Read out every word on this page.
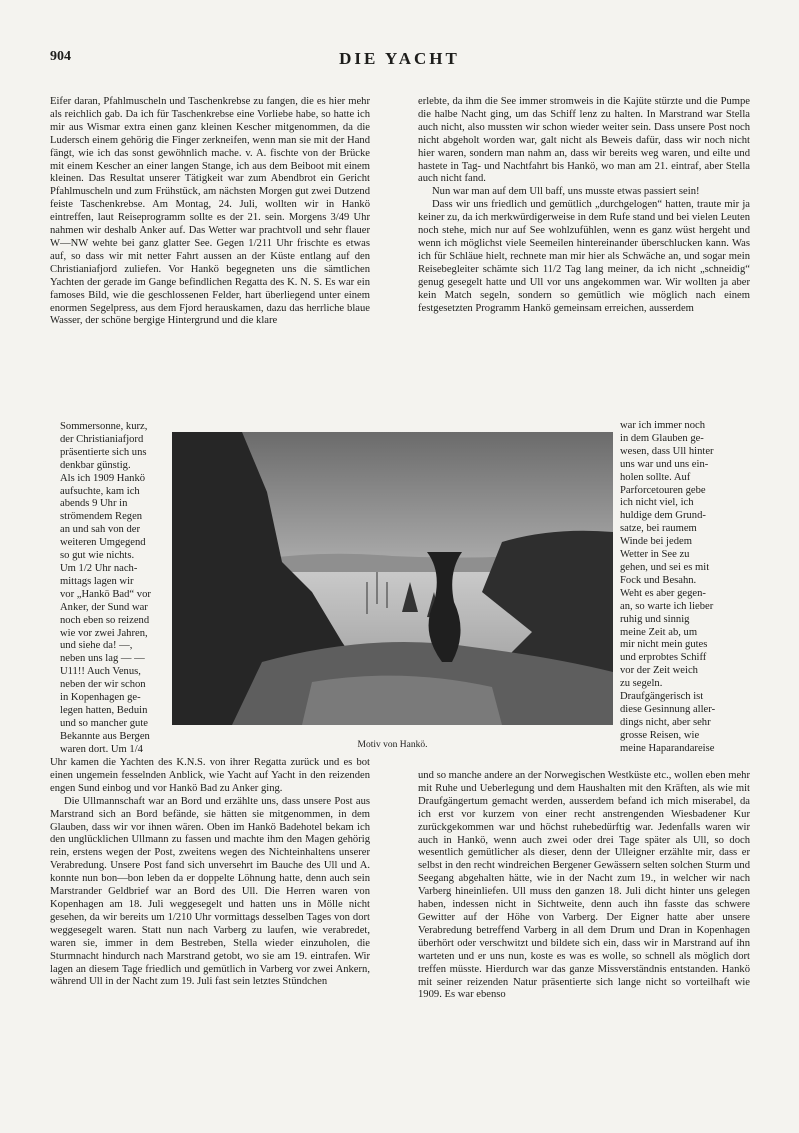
904	DIE YACHT

Eifer daran, Pfahlmuscheln und Taschenkrebse zu fangen, die es hier mehr als reichlich gab. Da ich für Taschenkrebse eine Vorliebe habe, so hatte ich mir aus Wismar extra einen ganz kleinen Kescher mitgenommen, da die Ludersch einem gehörig die Finger zerkneifen, wenn man sie mit der Hand fängt, wie ich das sonst gewöhnlich mache. v. A. fischte von der Brücke mit einem Kescher an einer langen Stange, ich aus dem Beiboot mit einem kleinen. Das Resultat unserer Tätigkeit war zum Abendbrot ein Gericht Pfahlmuscheln und zum Frühstück, am nächsten Morgen gut zwei Dutzend feiste Taschenkrebse. Am Montag, 24. Juli, wollten wir in Hankö eintreffen, laut Reiseprogramm sollte es der 21. sein. Morgens 3/49 Uhr nahmen wir deshalb Anker auf. Das Wetter war prachtvoll und sehr flauer W—NW wehte bei ganz glatter See. Gegen 1/211 Uhr frischte es etwas auf, so dass wir mit netter Fahrt aussen an der Küste entlang auf den Christianiafjord zuliefen. Vor Hankö begegneten uns die sämtlichen Yachten der gerade im Gange befindlichen Regatta des K. N. S. Es war ein famoses Bild, wie die geschlossenen Felder, hart überliegend unter einem enormen Segelpress, aus dem Fjord herauskamen, dazu das herrliche blaue Wasser, der schöne bergige Hintergrund und die klare

Sommersonne, kurz,
der Christianiafjord
präsentierte sich uns
denkbar günstig.
Als ich 1909 Hankö
aufsuchte, kam ich
abends 9 Uhr in
strömendem Regen
an und sah von der
weiteren Umgegend
so gut wie nichts.
Um 1/2 Uhr nach-
mittags lagen wir
vor „Hankö Bad“ vor
Anker, der Sund war
noch eben so reizend
wie vor zwei Jahren,
und siehe da! —,
neben uns lag — —
U11!! Auch Venus,
neben der wir schon
in Kopenhagen ge-
legen hatten, Beduin
und so mancher gute
Bekannte aus Bergen
waren dort. Um 1/4

Uhr kamen die Yachten des K.N.S. von ihrer Regatta zurück und es bot einen ungemein fesselnden Anblick, wie Yacht auf Yacht in den reizenden engen Sund einbog und vor Hankö Bad zu Anker ging.

Die Ullmannschaft war an Bord und erzählte uns, dass unsere Post aus Marstrand sich an Bord befände, sie hätten sie mitgenommen, in dem Glauben, dass wir vor ihnen wären. Oben im Hankö Badehotel bekam ich den unglücklichen Ullmann zu fassen und machte ihm den Magen gehörig rein, erstens wegen der Post, zweitens wegen des Nichteinhaltens unserer Verabredung. Unsere Post fand sich unversehrt im Bauche des Ull und A. konnte nun bon—bon leben da er doppelte Löhnung hatte, denn auch sein Marstrander Geldbrief war an Bord des Ull. Die Herren waren von Kopenhagen am 18. Juli weggesegelt und hatten uns in Mölle nicht gesehen, da wir bereits um 1/210 Uhr vormittags desselben Tages von dort weggesegelt waren. Statt nun nach Varberg zu laufen, wie verabredet, waren sie, immer in dem Bestreben, Stella wieder einzuholen, die Sturmnacht hindurch nach Marstrand getobt, wo sie am 19. eintrafen. Wir lagen an diesem Tage friedlich und gemütlich in Varberg vor zwei Ankern, während Ull in der Nacht zum 19. Juli fast sein letztes Stündchen

erlebte, da ihm die See immer stromweis in die Kajüte stürzte und die Pumpe die halbe Nacht ging, um das Schiff lenz zu halten. In Marstrand war Stella auch nicht, also mussten wir schon wieder weiter sein. Dass unsere Post noch nicht abgeholt worden war, galt nicht als Beweis dafür, dass wir noch nicht hier waren, sondern man nahm an, dass wir bereits weg waren, und eilte und hastete in Tag- und Nachtfahrt bis Hankö, wo man am 21. eintraf, aber Stella auch nicht fand.

Nun war man auf dem Ull baff, uns musste etwas passiert sein!

Dass wir uns friedlich und gemütlich „durchgelogen“ hatten, traute mir ja keiner zu, da ich merkwürdigerweise in dem Rufe stand und bei vielen Leuten noch stehe, mich nur auf See wohlzufühlen, wenn es ganz wüst hergeht und wenn ich möglichst viele Seemeilen hintereinander überschlucken kann. Was ich für Schläue hielt, rechnete man mir hier als Schwäche an, und sogar mein Reisebegleiter schämte sich 11/2 Tag lang meiner, da ich nicht „schneidig“ genug gesegelt hatte und Ull vor uns angekommen war. Wir wollten ja aber kein Match segeln, sondern so gemütlich wie möglich nach einem festgesetzten Programm Hankö gemeinsam erreichen, ausserdem

war ich immer noch
in dem Glauben ge-
wesen, dass Ull hinter
uns war und uns ein-
holen sollte. Auf
Parforcetouren gebe
ich nicht viel, ich
huldige dem Grund-
satze, bei raumem
Winde bei jedem
Wetter in See zu
gehen, und sei es mit
Fock und Besahn.
Weht es aber gegen-
an, so warte ich lieber
ruhig und sinnig
meine Zeit ab, um
mir nicht mein gutes
und erprobtes Schiff
vor der Zeit weich
zu segeln.
Draufgängerisch ist
diese Gesinnung aller-
dings nicht, aber sehr
grosse Reisen, wie
meine Haparandareise

und so manche andere an der Norwegischen Westküste etc., wollen eben mehr mit Ruhe und Ueberlegung und dem Haushalten mit den Kräften, als wie mit Draufgängertum gemacht werden, ausserdem befand ich mich miserabel, da ich erst vor kurzem von einer recht anstrengenden Wiesbadener Kur zurückgekommen war und höchst ruhebedürftig war. Jedenfalls waren wir auch in Hankö, wenn auch zwei oder drei Tage später als Ull, so doch wesentlich gemütlicher als dieser, denn der Ulleigner erzählte mir, dass er selbst in den recht windreichen Bergener Gewässern selten solchen Sturm und Seegang abgehalten hätte, wie in der Nacht zum 19., in welcher wir nach Varberg hineinliefen. Ull muss den ganzen 18. Juli dicht hinter uns gelegen haben, indessen nicht in Sichtweite, denn auch ihn fasste das schwere Gewitter auf der Höhe von Varberg. Der Eigner hatte aber unsere Verabredung betreffend Varberg in all dem Drum und Dran in Kopenhagen überhört oder verschwitzt und bildete sich ein, dass wir in Marstrand auf ihn warteten und er uns nun, koste es was es wolle, so schnell als möglich dort treffen müsste. Hierdurch war das ganze Missverständnis entstanden. Hankö mit seiner reizenden Natur präsentierte sich lange nicht so vorteilhaft wie 1909. Es war ebenso

Motiv von Hankö.
